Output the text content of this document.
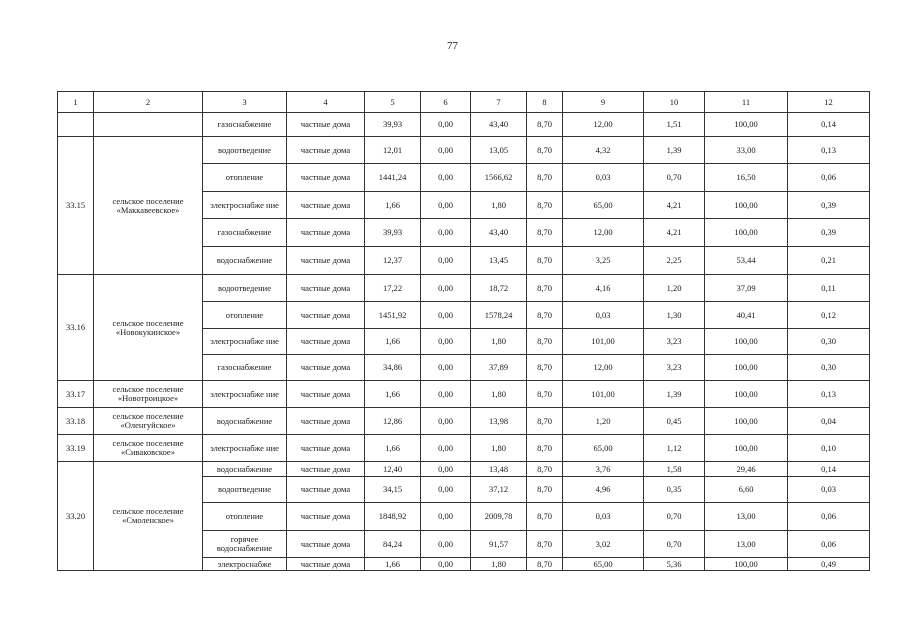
77
1	2	3	4	5	6	7	8	9	10	11	12
		газоснабжение	частные дома	39,93	0,00	43,40	8,70	12,00	1,51	100,00	0,14
33.15	сельское поселение «Маккавеевское»	водоотведение	частные дома	12,01	0,00	13,05	8,70	4,32	1,39	33,00	0,13
		отопление	частные дома	1441,24	0,00	1566,62	8,70	0,03	0,70	16,50	0,06
		электроснабже ние	частные дома	1,66	0,00	1,80	8,70	65,00	4,21	100,00	0,39
		газоснабжение	частные дома	39,93	0,00	43,40	8,70	12,00	4,21	100,00	0,39
		водоснабжение	частные дома	12,37	0,00	13,45	8,70	3,25	2,25	53,44	0,21
33.16	сельское поселение «Новокукинское»	водоотведение	частные дома	17,22	0,00	18,72	8,70	4,16	1,20	37,09	0,11
		отопление	частные дома	1451,92	0,00	1578,24	8,70	0,03	1,30	40,41	0,12
		электроснабже ние	частные дома	1,66	0,00	1,80	8,70	101,00	3,23	100,00	0,30
		газоснабжение	частные дома	34,86	0,00	37,89	8,70	12,00	3,23	100,00	0,30
33.17	сельское поселение «Новотроицкое»	электроснабже ние	частные дома	1,66	0,00	1,80	8,70	101,00	1,39	100,00	0,13
33.18	сельское поселение «Оленгуйское»	водоснабжение	частные дома	12,86	0,00	13,98	8,70	1,20	0,45	100,00	0,04
33.19	сельское поселение «Сиваковское»	электроснабже ние	частные дома	1,66	0,00	1,80	8,70	65,00	1,12	100,00	0,10
33.20	сельское поселение «Смоленское»	водоснабжение	частные дома	12,40	0,00	13,48	8,70	3,76	1,58	29,46	0,14
		водоотведение	частные дома	34,15	0,00	37,12	8,70	4,96	0,35	6,60	0,03
		отопление	частные дома	1848,92	0,00	2009,78	8,70	0,03	0,70	13,00	0,06
		горячее водоснабжение	частные дома	84,24	0,00	91,57	8,70	3,02	0,70	13,00	0,06
		электроснабже	частные дома	1,66	0,00	1,80	8,70	65,00	5,36	100,00	0,49
